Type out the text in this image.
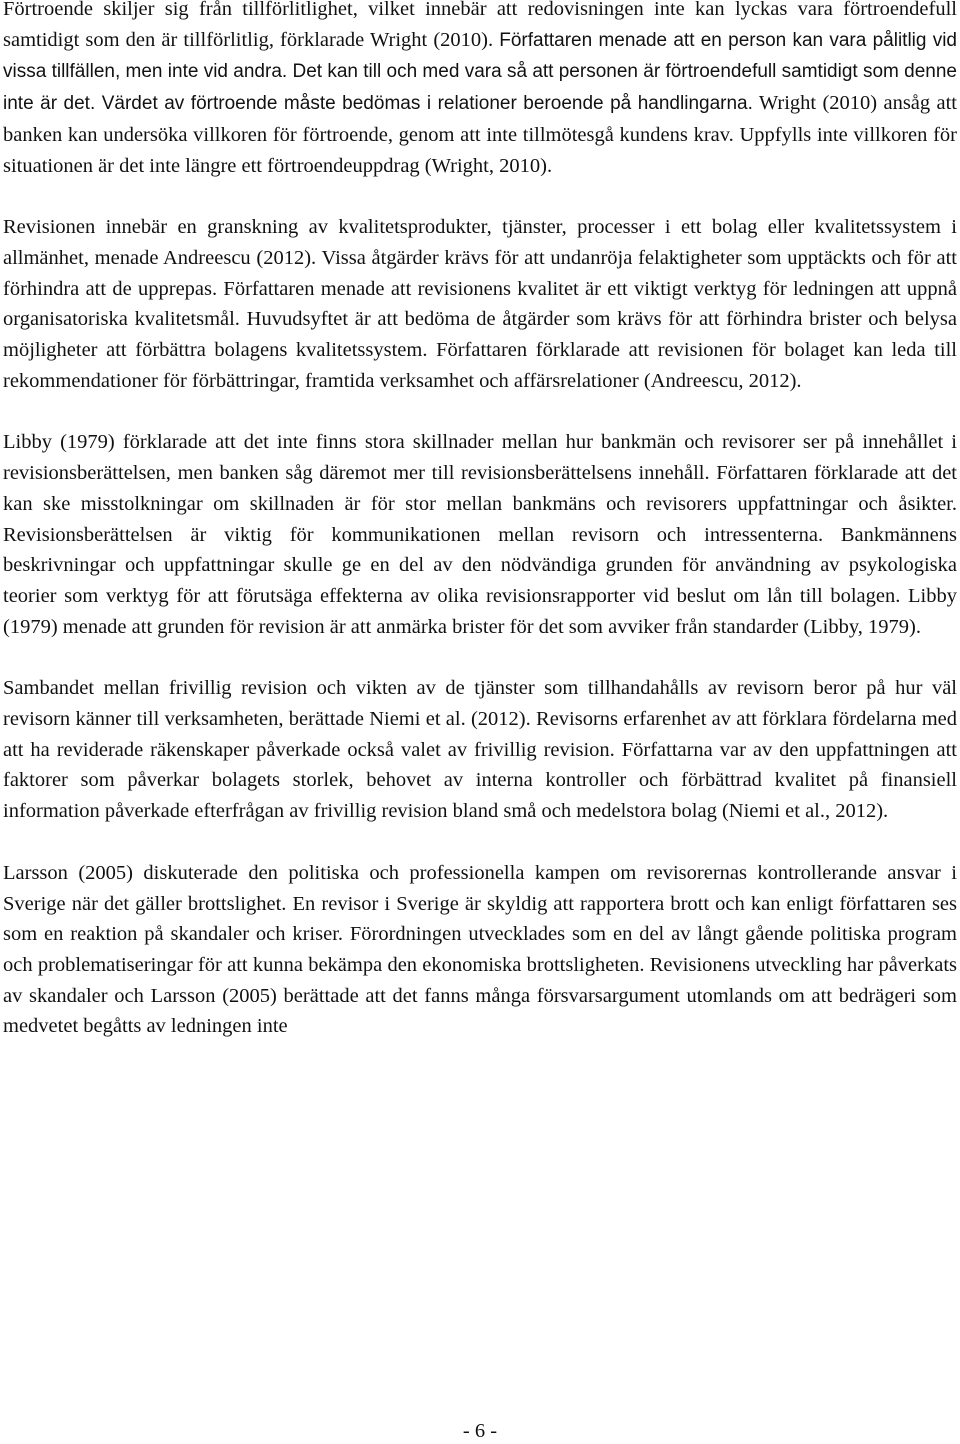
Förtroende skiljer sig från tillförlitlighet, vilket innebär att redovisningen inte kan lyckas vara förtroendefull samtidigt som den är tillförlitlig, förklarade Wright (2010). Författaren menade att en person kan vara pålitlig vid vissa tillfällen, men inte vid andra. Det kan till och med vara så att personen är förtroendefull samtidigt som denne inte är det. Värdet av förtroende måste bedömas i relationer beroende på handlingarna. Wright (2010) ansåg att banken kan undersöka villkoren för förtroende, genom att inte tillmötesgå kundens krav. Uppfylls inte villkoren för situationen är det inte längre ett förtroendeuppdrag (Wright, 2010).

Revisionen innebär en granskning av kvalitetsprodukter, tjänster, processer i ett bolag eller kvalitetssystem i allmänhet, menade Andreescu (2012). Vissa åtgärder krävs för att undanröja felaktigheter som upptäckts och för att förhindra att de upprepas. Författaren menade att revisionens kvalitet är ett viktigt verktyg för ledningen att uppnå organisatoriska kvalitetsmål. Huvudsyftet är att bedöma de åtgärder som krävs för att förhindra brister och belysa möjligheter att förbättra bolagens kvalitetssystem. Författaren förklarade att revisionen för bolaget kan leda till rekommendationer för förbättringar, framtida verksamhet och affärsrelationer (Andreescu, 2012).

Libby (1979) förklarade att det inte finns stora skillnader mellan hur bankmän och revisorer ser på innehållet i revisionsberättelsen, men banken såg däremot mer till revisionsberättelsens innehåll. Författaren förklarade att det kan ske misstolkningar om skillnaden är för stor mellan bankmäns och revisorers uppfattningar och åsikter. Revisionsberättelsen är viktig för kommunikationen mellan revisorn och intressenterna. Bankmännens beskrivningar och uppfattningar skulle ge en del av den nödvändiga grunden för användning av psykologiska teorier som verktyg för att förutsäga effekterna av olika revisionsrapporter vid beslut om lån till bolagen. Libby (1979) menade att grunden för revision är att anmärka brister för det som avviker från standarder (Libby, 1979).

Sambandet mellan frivillig revision och vikten av de tjänster som tillhandahålls av revisorn beror på hur väl revisorn känner till verksamheten, berättade Niemi et al. (2012). Revisorns erfarenhet av att förklara fördelarna med att ha reviderade räkenskaper påverkade också valet av frivillig revision. Författarna var av den uppfattningen att faktorer som påverkar bolagets storlek, behovet av interna kontroller och förbättrad kvalitet på finansiell information påverkade efterfrågan av frivillig revision bland små och medelstora bolag (Niemi et al., 2012).

Larsson (2005) diskuterade den politiska och professionella kampen om revisorernas kontrollerande ansvar i Sverige när det gäller brottslighet. En revisor i Sverige är skyldig att rapportera brott och kan enligt författaren ses som en reaktion på skandaler och kriser. Förordningen utvecklades som en del av långt gående politiska program och problematiseringar för att kunna bekämpa den ekonomiska brottsligheten. Revisionens utveckling har påverkats av skandaler och Larsson (2005) berättade att det fanns många försvarsargument utomlands om att bedrägeri som medvetet begåtts av ledningen inte

- 6 -
